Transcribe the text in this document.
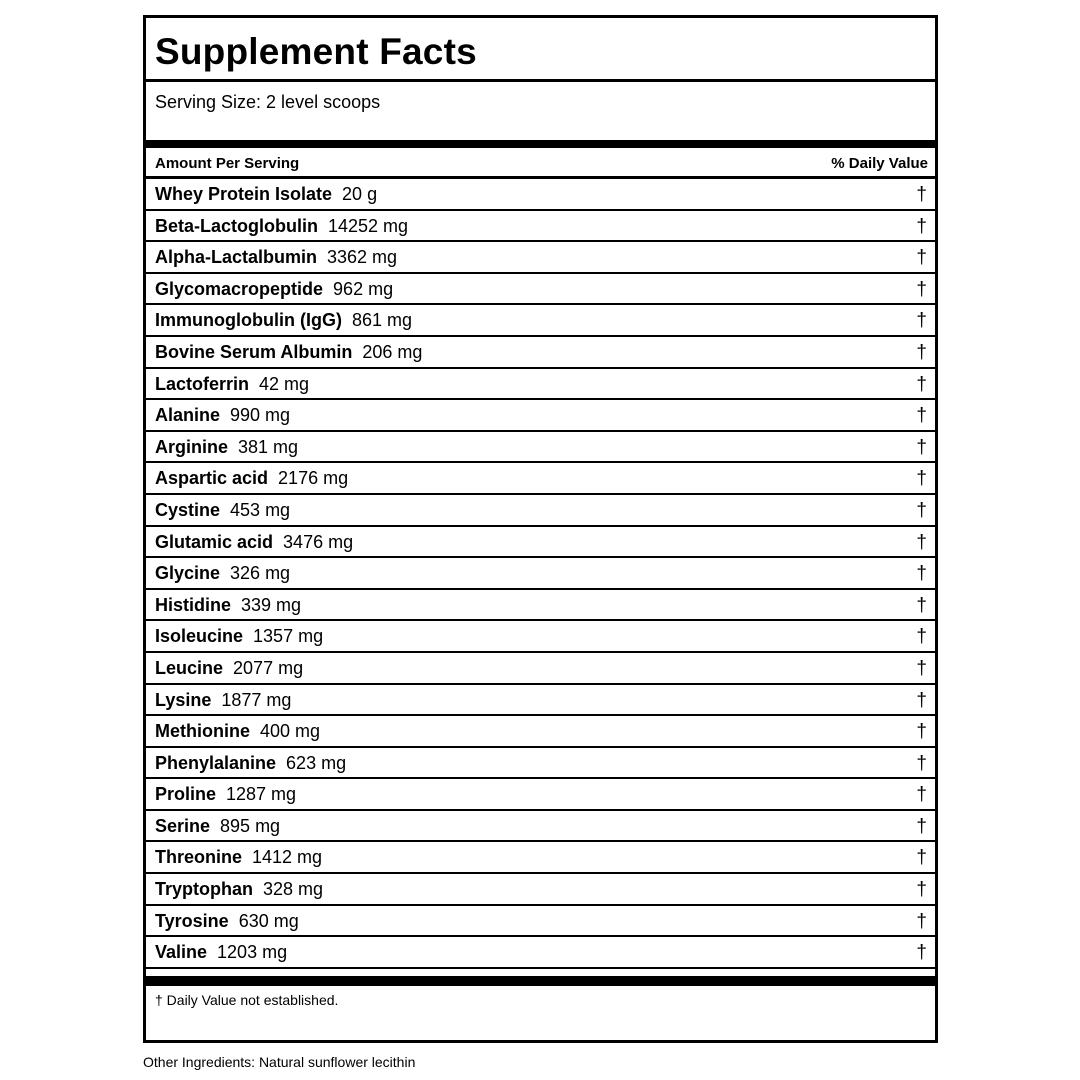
Supplement Facts
Serving Size: 2 level scoops
Amount Per Serving	% Daily Value
Whey Protein Isolate 20 g	†
Beta-Lactoglobulin 14252 mg	†
Alpha-Lactalbumin 3362 mg	†
Glycomacropeptide 962 mg	†
Immunoglobulin (IgG) 861 mg	†
Bovine Serum Albumin 206 mg	†
Lactoferrin 42 mg	†
Alanine 990 mg	†
Arginine 381 mg	†
Aspartic acid 2176 mg	†
Cystine 453 mg	†
Glutamic acid 3476 mg	†
Glycine 326 mg	†
Histidine 339 mg	†
Isoleucine 1357 mg	†
Leucine 2077 mg	†
Lysine 1877 mg	†
Methionine 400 mg	†
Phenylalanine 623 mg	†
Proline 1287 mg	†
Serine 895 mg	†
Threonine 1412 mg	†
Tryptophan 328 mg	†
Tyrosine 630 mg	†
Valine 1203 mg	†
† Daily Value not established.
Other Ingredients: Natural sunflower lecithin
